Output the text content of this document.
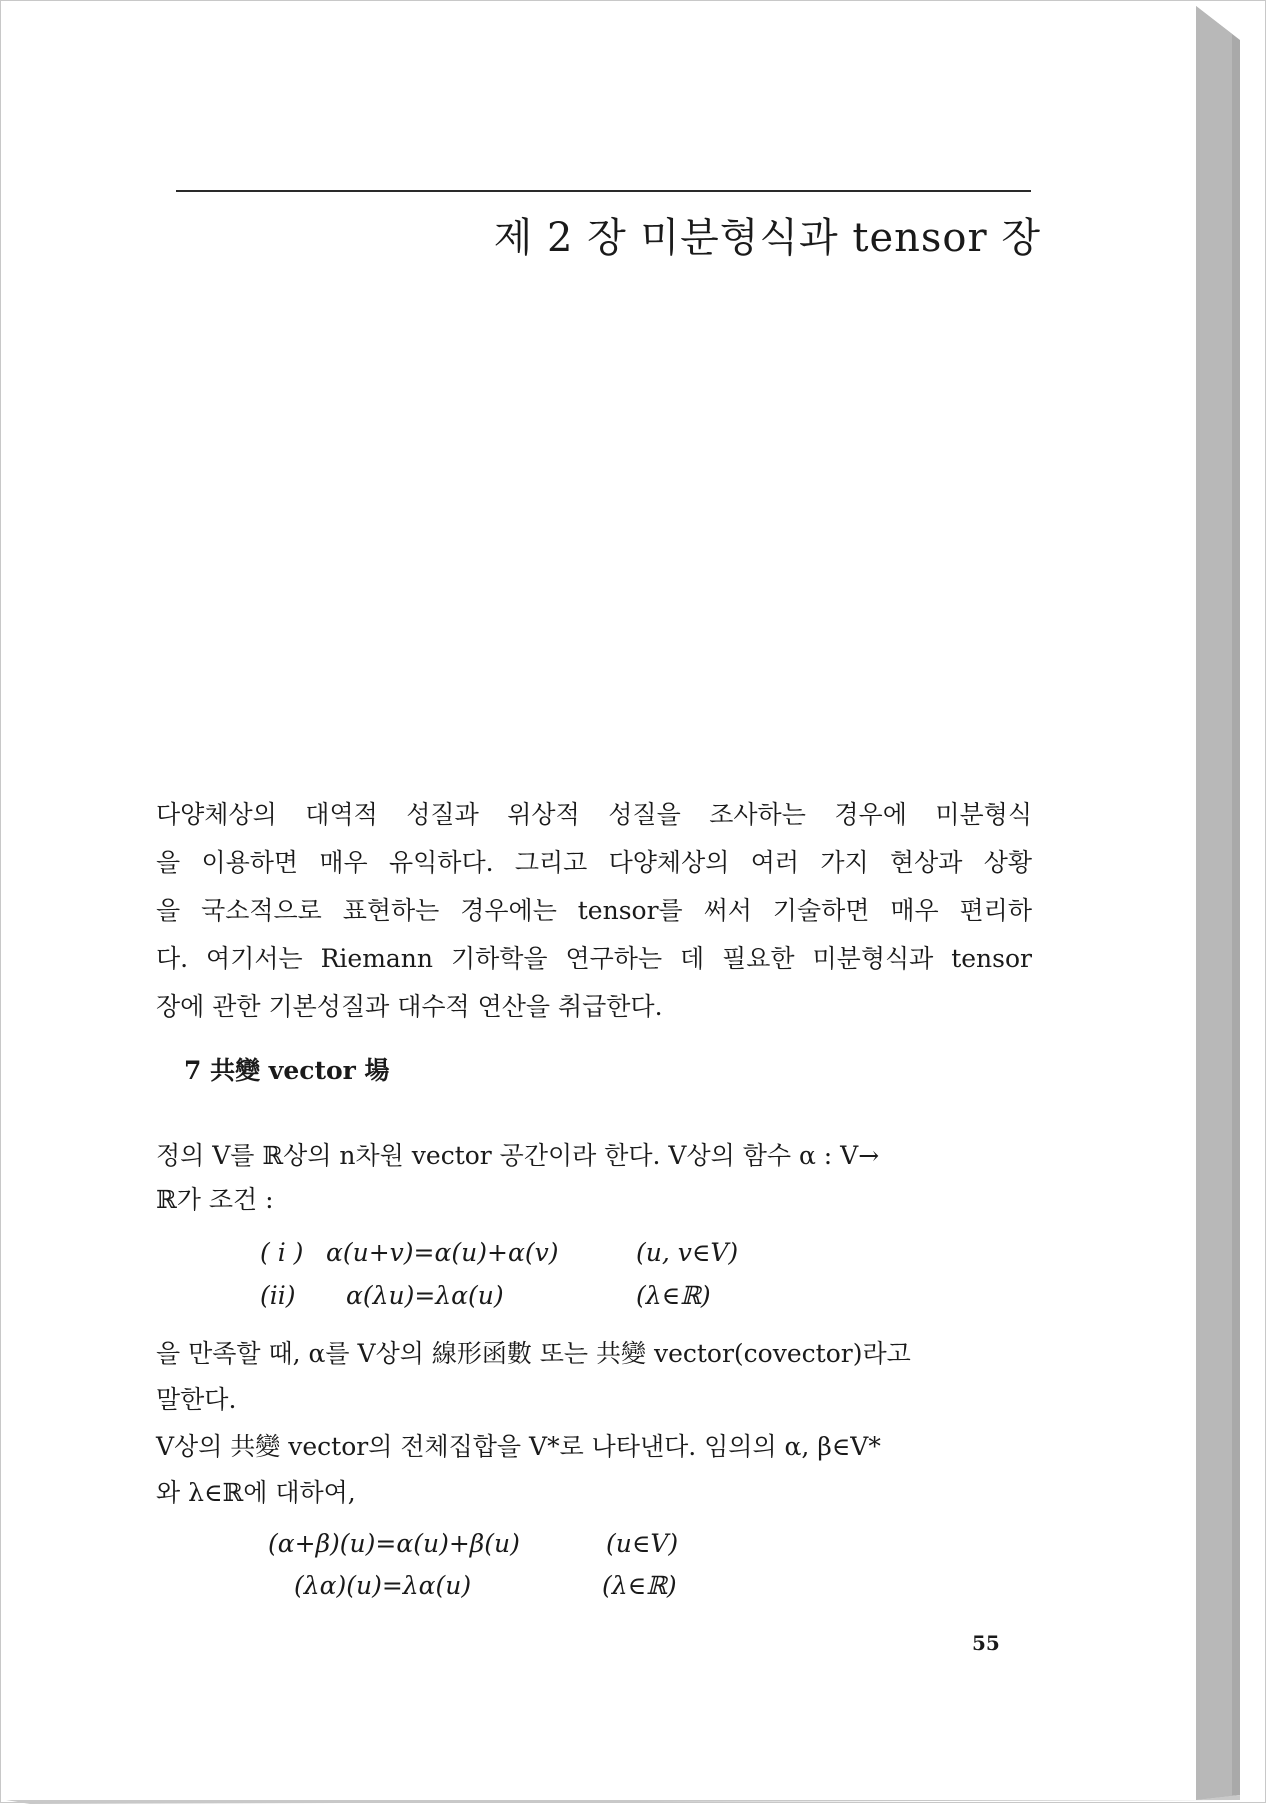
제 2 장 미분형식과 tensor 장
다양체상의 대역적 성질과 위상적 성질을 조사하는 경우에 미분형식
을 이용하면 매우 유익하다. 그리고 다양체상의 여러 가지 현상과 상황
을 국소적으로 표현하는 경우에는 tensor를 써서 기술하면 매우 편리하
다. 여기서는 Riemann 기하학을 연구하는 데 필요한 미분형식과 tensor
장에 관한 기본성질과 대수적 연산을 취급한다.
7 共變 vector 場
정의 V를 ℝ상의 n차원 vector 공간이라 한다. V상의 함수 α : V→
ℝ가 조건 :
( i ) α(u+v)=α(u)+α(v)	(u, v∈V)
(ii) α(λu)=λα(u)	(λ∈ℝ)
을 만족할 때, α를 V상의 線形函數 또는 共變 vector(covector)라고
말한다.
V상의 共變 vector의 전체집합을 V*로 나타낸다. 임의의 α, β∈V*
와 λ∈ℝ에 대하여,
(α+β)(u)=α(u)+β(u)	(u∈V)
(λα)(u)=λα(u)	(λ∈ℝ)
55
